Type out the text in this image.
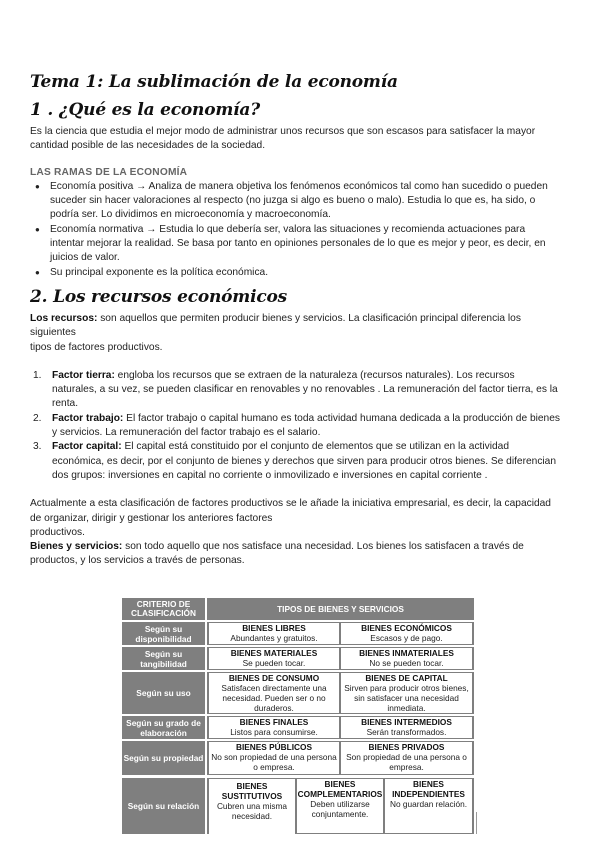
Tema 1: La sublimación de la economía
1 . ¿Qué es la economía?

Es la ciencia que estudia el mejor modo de administrar unos recursos que son escasos para satisfacer la mayor cantidad posible de las necesidades de la sociedad.

LAS RAMAS DE LA ECONOMÍA

● Economía positiva → Analiza de manera objetiva los fenómenos económicos tal como han sucedido o pueden suceder sin hacer valoraciones al respecto (no juzga si algo es bueno o malo). Estudia lo que es, ha sido, o podría ser. Lo dividimos en microeconomía y macroeconomía.
● Economía normativa → Estudia lo que debería ser, valora las situaciones y recomienda actuaciones para intentar mejorar la realidad. Se basa por tanto en opiniones personales de lo que es mejor y peor, es decir, en juicios de valor.
● Su principal exponente es la política económica.
2. Los recursos económicos

Los recursos: son aquellos que permiten producir bienes y servicios. La clasificación principal diferencia los siguientes

tipos de factores productivos.

1. Factor tierra: engloba los recursos que se extraen de la naturaleza (recursos naturales). Los recursos naturales, a su vez, se pueden clasificar en renovables y no renovables . La remuneración del factor tierra, es la renta.
2. Factor trabajo: El factor trabajo o capital humano es toda actividad humana dedicada a la producción de bienes y servicios. La remuneración del factor trabajo es el salario.
3. Factor capital: El capital está constituido por el conjunto de elementos que se utilizan en la actividad económica, es decir, por el conjunto de bienes y derechos que sirven para producir otros bienes. Se diferencian dos grupos: inversiones en capital no corriente o inmovilizado e inversiones en capital corriente .

Actualmente a esta clasificación de factores productivos se le añade la iniciativa empresarial, es decir, la capacidad de organizar, dirigir y gestionar los anteriores factores

productivos.

Bienes y servicios: son todo aquello que nos satisface una necesidad. Los bienes los satisfacen a través de productos, y los servicios a través de personas.

CRITERIO DE CLASIFICACIÓN	TIPOS DE BIENES Y SERVICIOS
Según su disponibilidad
BIENES LIBRES
Abundantes y gratuitos.
BIENES ECONÓMICOS
Escasos y de pago.
Según su tangibilidad
BIENES MATERIALES
Se pueden tocar.
BIENES INMATERIALES
No se pueden tocar.
Según su uso
BIENES DE CONSUMO
Satisfacen directamente una necesidad. Pueden ser o no duraderos.
BIENES DE CAPITAL
Sirven para producir otros bienes, sin satisfacer una necesidad inmediata.
Según su grado de elaboración
BIENES FINALES
Listos para consumirse.
BIENES INTERMEDIOS
Serán transformados.
Según su propiedad
BIENES PÚBLICOS
No son propiedad de una persona o empresa.
BIENES PRIVADOS
Son propiedad de una persona o empresa.
Según su relación
BIENES SUSTITUTIVOS
Cubren una misma necesidad.
BIENES COMPLEMENTARIOS
Deben utilizarse conjuntamente.
BIENES INDEPENDIENTES
No guardan relación.
